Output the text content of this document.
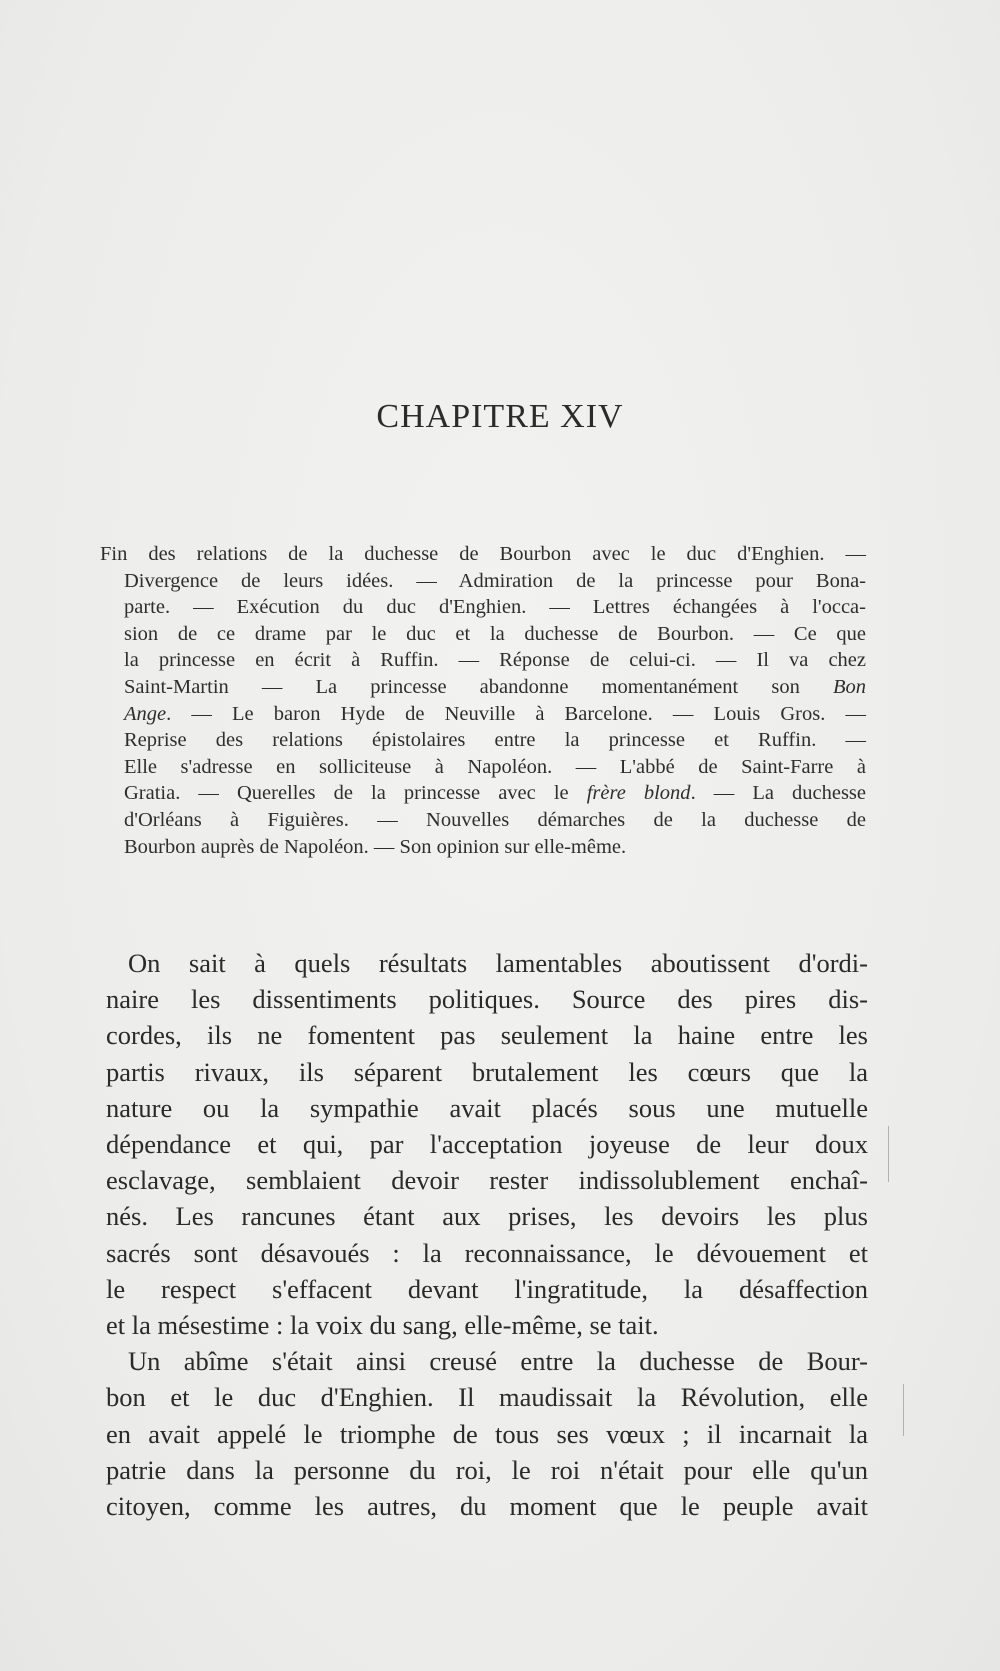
CHAPITRE XIV
Fin des relations de la duchesse de Bourbon avec le duc d'Enghien. —
Divergence de leurs idées. — Admiration de la princesse pour Bona-
parte. — Exécution du duc d'Enghien. — Lettres échangées à l'occa-
sion de ce drame par le duc et la duchesse de Bourbon. — Ce que
la princesse en écrit à Ruffin. — Réponse de celui-ci. — Il va chez
Saint-Martin — La princesse abandonne momentanément son Bon
Ange. — Le baron Hyde de Neuville à Barcelone. — Louis Gros. —
Reprise des relations épistolaires entre la princesse et Ruffin. —
Elle s'adresse en solliciteuse à Napoléon. — L'abbé de Saint-Farre à
Gratia. — Querelles de la princesse avec le frère blond. — La duchesse
d'Orléans à Figuières. — Nouvelles démarches de la duchesse de
Bourbon auprès de Napoléon. — Son opinion sur elle-même.
On sait à quels résultats lamentables aboutissent d'ordi-
naire les dissentiments politiques. Source des pires dis-
cordes, ils ne fomentent pas seulement la haine entre les
partis rivaux, ils séparent brutalement les cœurs que la
nature ou la sympathie avait placés sous une mutuelle
dépendance et qui, par l'acceptation joyeuse de leur doux
esclavage, semblaient devoir rester indissolublement enchaî-
nés. Les rancunes étant aux prises, les devoirs les plus
sacrés sont désavoués : la reconnaissance, le dévouement et
le respect s'effacent devant l'ingratitude, la désaffection
et la mésestime : la voix du sang, elle-même, se tait.
Un abîme s'était ainsi creusé entre la duchesse de Bour-
bon et le duc d'Enghien. Il maudissait la Révolution, elle
en avait appelé le triomphe de tous ses vœux ; il incarnait la
patrie dans la personne du roi, le roi n'était pour elle qu'un
citoyen, comme les autres, du moment que le peuple avait
